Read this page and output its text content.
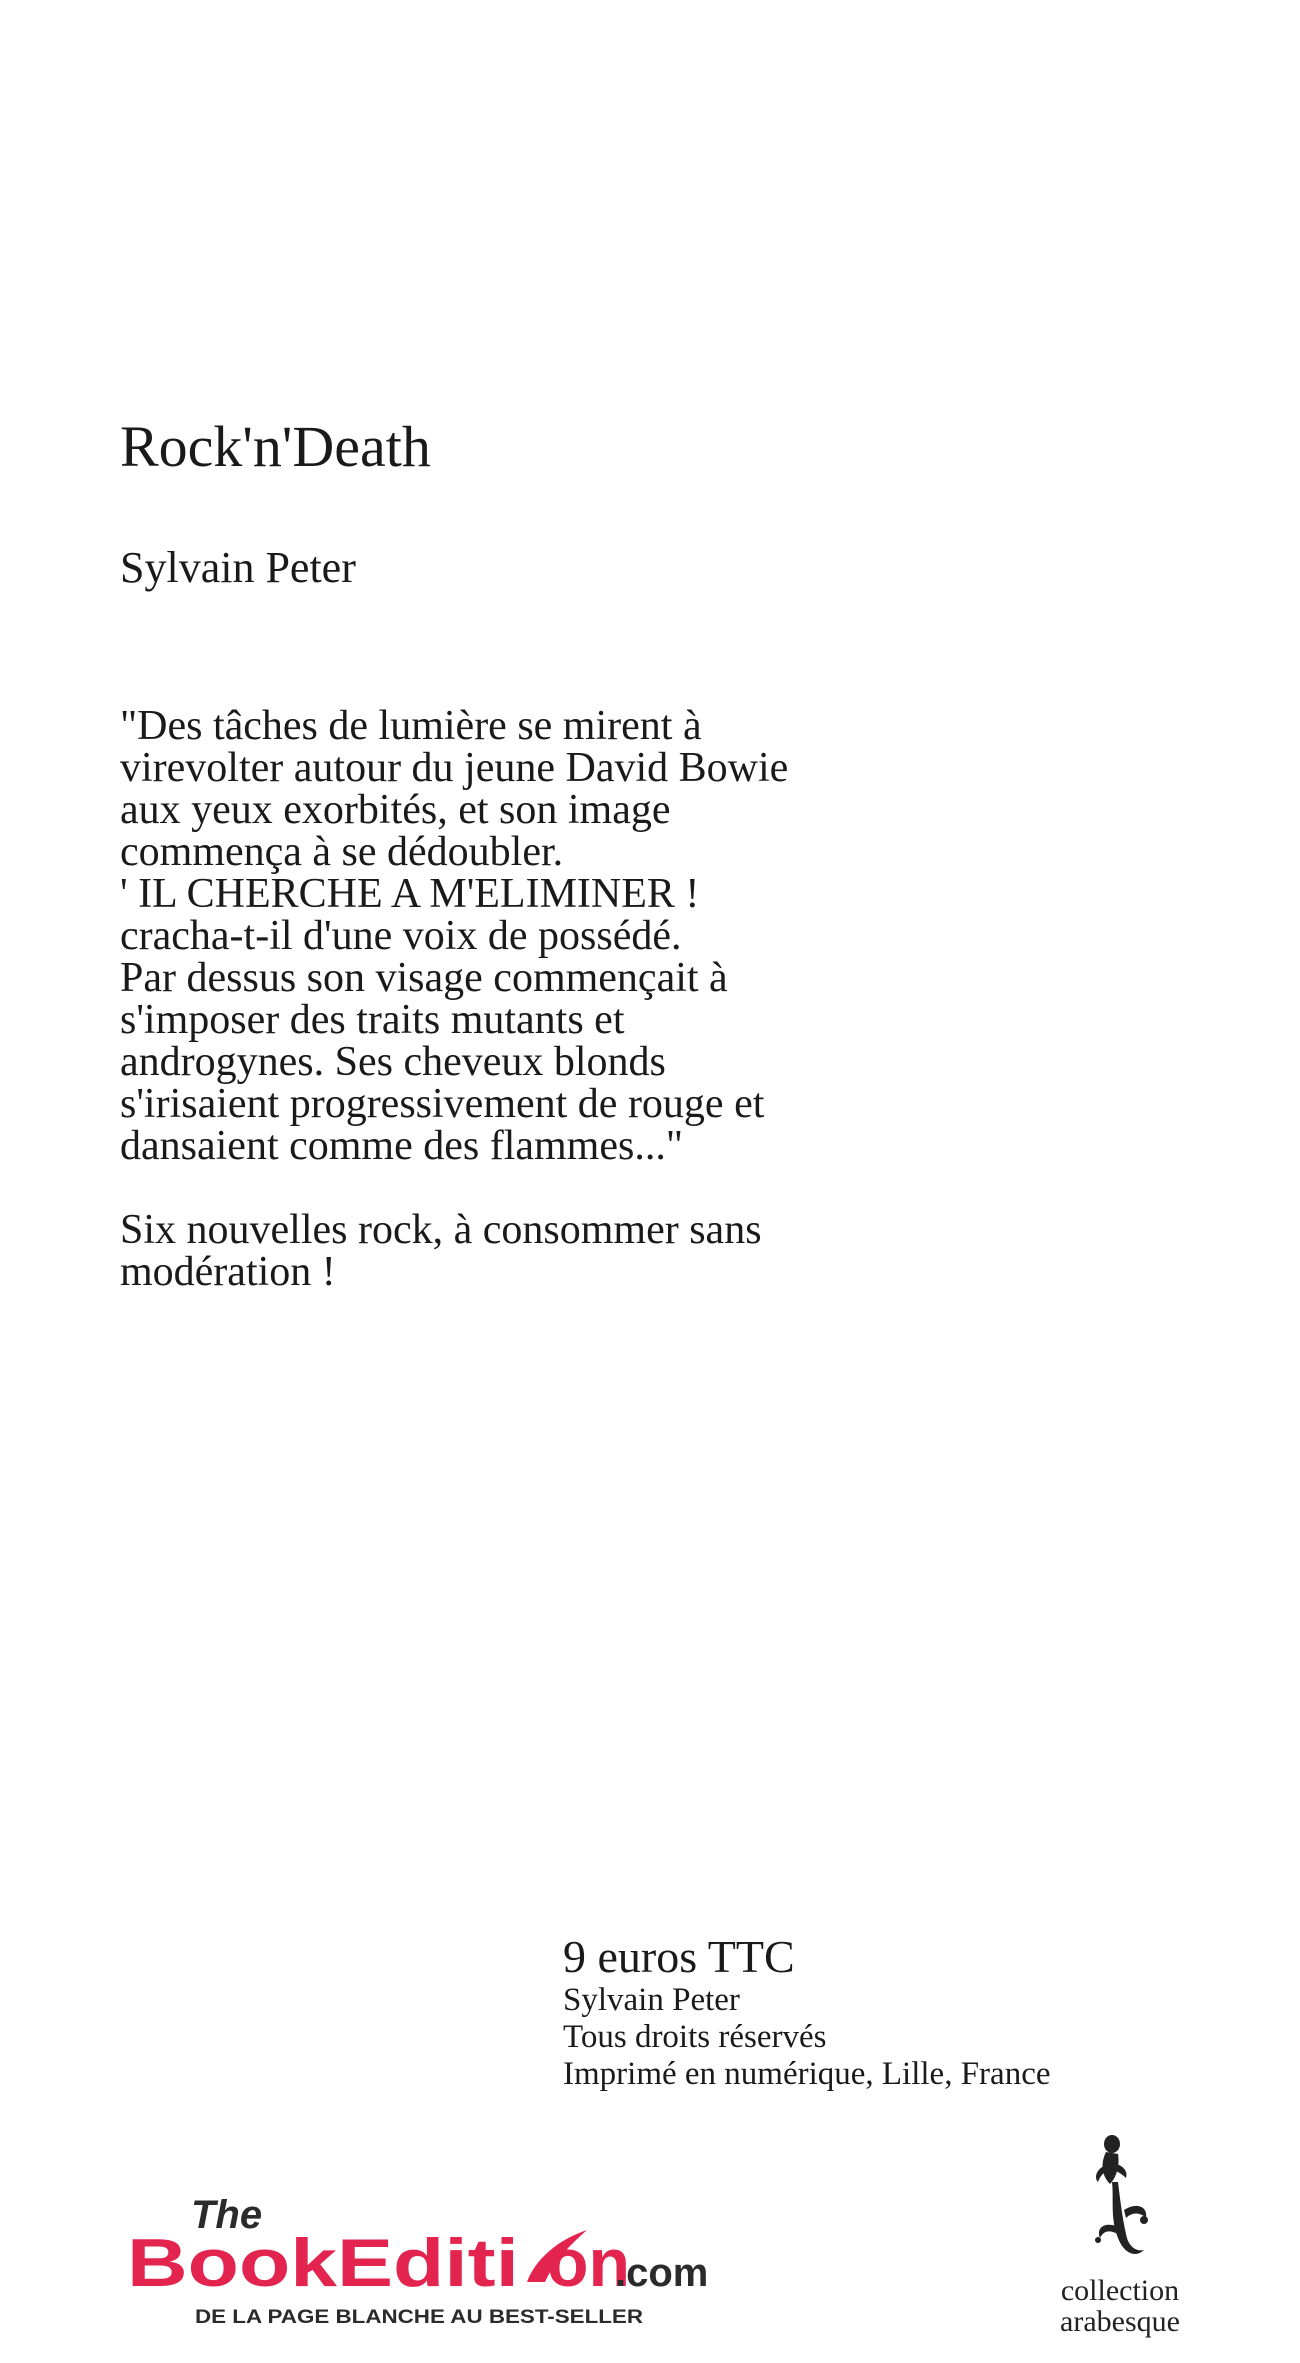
Rock'n'Death
Sylvain Peter
"Des tâches de lumière se mirent à
virevolter autour du jeune David Bowie
aux yeux exorbités, et son image
commença à se dédoubler.
' IL CHERCHE A M'ELIMINER !
cracha-t-il d'une voix de possédé.
Par dessus son visage commençait à
s'imposer des traits mutants et
androgynes. Ses cheveux blonds
s'irisaient progressivement de rouge et
dansaient comme des flammes..."
Six nouvelles rock, à consommer sans
modération !
9 euros TTC
Sylvain Peter
Tous droits réservés
Imprimé en numérique, Lille, France
The
BookEditi on
.com
DE LA PAGE BLANCHE AU BEST-SELLER
collection
arabesque
